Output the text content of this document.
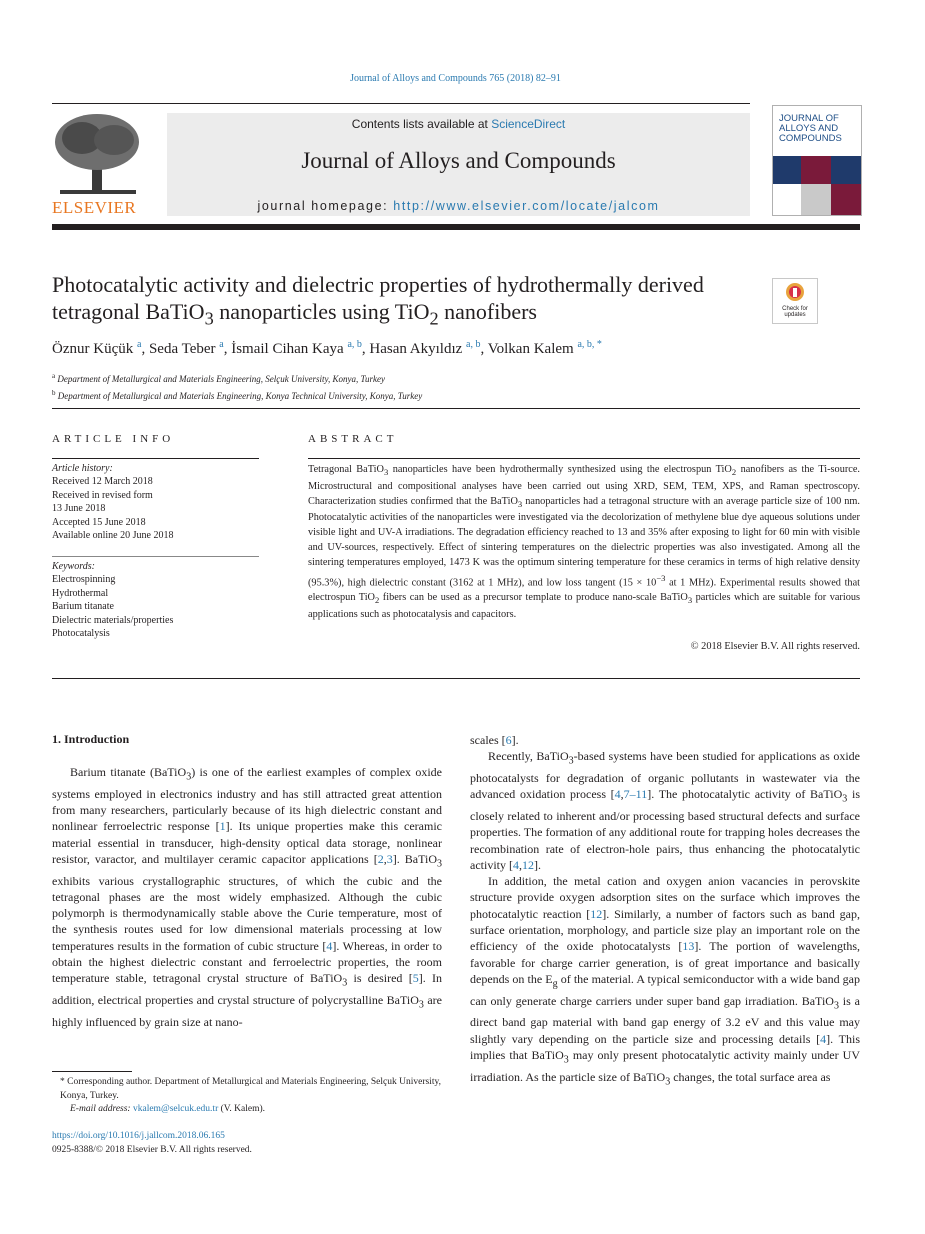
Journal of Alloys and Compounds 765 (2018) 82–91
ELSEVIER
Contents lists available at ScienceDirect
Journal of Alloys and Compounds
journal homepage: http://www.elsevier.com/locate/jalcom
JOURNAL OF ALLOYS AND COMPOUNDS
Photocatalytic activity and dielectric properties of hydrothermally derived tetragonal BaTiO$_3$ nanoparticles using TiO$_2$ nanofibers	Check for updates
Öznur Küçük $^a$, Seda Teber $^a$, İsmail Cihan Kaya $^{a, b}$, Hasan Akyıldız $^{a, b}$, Volkan Kalem $^{a, b, *}$
$^a$ Department of Metallurgical and Materials Engineering, Selçuk University, Konya, Turkey
$^b$ Department of Metallurgical and Materials Engineering, Konya Technical University, Konya, Turkey
ARTICLE INFO
Article history:
Received 12 March 2018
Received in revised form
13 June 2018
Accepted 15 June 2018
Available online 20 June 2018
Keywords:
Electrospinning
Hydrothermal
Barium titanate
Dielectric materials/properties
Photocatalysis
ABSTRACT
Tetragonal BaTiO$_3$ nanoparticles have been hydrothermally synthesized using the electrospun TiO$_2$ nanofibers as the Ti-source. Microstructural and compositional analyses have been carried out using XRD, SEM, TEM, XPS, and Raman spectroscopy. Characterization studies confirmed that the BaTiO$_3$ nanoparticles had a tetragonal structure with an average particle size of 100 nm. Photocatalytic activities of the nanoparticles were investigated via the decolorization of methylene blue dye aqueous solutions under visible light and UV-A irradiations. The degradation efficiency reached to 13 and 35% after exposing to light for 60 min with visible and UV-sources, respectively. Effect of sintering temperatures on the dielectric properties was also investigated. Among all the sintering temperatures employed, 1473 K was the optimum sintering temperature for these ceramics in terms of high relative density (95.3%), high dielectric constant (3162 at 1 MHz), and low loss tangent ($15 \times 10^{-3}$ at 1 MHz). Experimental results showed that electrospun TiO$_2$ fibers can be used as a precursor template to produce nano-scale BaTiO$_3$ particles which are suitable for various applications such as photocatalysis and capacitors.
© 2018 Elsevier B.V. All rights reserved.
1. Introduction

Barium titanate (BaTiO$_3$) is one of the earliest examples of complex oxide systems employed in electronics industry and has still attracted great attention from many researchers, particularly because of its high dielectric constant and nonlinear ferroelectric response [1]. Its unique properties make this ceramic material essential in transducer, high-density optical data storage, nonlinear resistor, varactor, and multilayer ceramic capacitor applications [2,3]. BaTiO$_3$ exhibits various crystallographic structures, of which the cubic and the tetragonal phases are the most widely emphasized. Although the cubic polymorph is thermodynamically stable above the Curie temperature, most of the synthesis routes used for low dimensional materials processing at low temperatures results in the formation of cubic structure [4]. Whereas, in order to obtain the highest dielectric constant and ferroelectric properties, the room temperature stable, tetragonal crystal structure of BaTiO$_3$ is desired [5]. In addition, electrical properties and crystal structure of polycrystalline BaTiO$_3$ are highly influenced by grain size at nano-

scales [6].

Recently, BaTiO$_3$-based systems have been studied for applications as oxide photocatalysts for degradation of organic pollutants in wastewater via the advanced oxidation process [4,7–11]. The photocatalytic activity of BaTiO$_3$ is closely related to inherent and/or processing based structural defects and surface properties. The formation of any additional route for trapping holes decreases the recombination rate of electron-hole pairs, thus enhancing the photocatalytic activity [4,12].

In addition, the metal cation and oxygen anion vacancies in perovskite structure provide oxygen adsorption sites on the surface which improves the photocatalytic reaction [12]. Similarly, a number of factors such as band gap, surface orientation, morphology, and particle size play an important role on the efficiency of the oxide photocatalysts [13]. The portion of wavelengths, favorable for charge carrier generation, is of great importance and basically depends on the $E_g$ of the material. A typical semiconductor with a wide band gap can only generate charge carriers under super band gap irradiation. BaTiO$_3$ is a direct band gap material with band gap energy of 3.2 eV and this value may slightly vary depending on the particle size and processing details [4]. This implies that BaTiO$_3$ may only present photocatalytic activity mainly under UV irradiation. As the particle size of BaTiO$_3$ changes, the total surface area as

* Corresponding author. Department of Metallurgical and Materials Engineering, Selçuk University, Konya, Turkey.
E-mail address: vkalem@selcuk.edu.tr (V. Kalem).
https://doi.org/10.1016/j.jallcom.2018.06.165
0925-8388/© 2018 Elsevier B.V. All rights reserved.
